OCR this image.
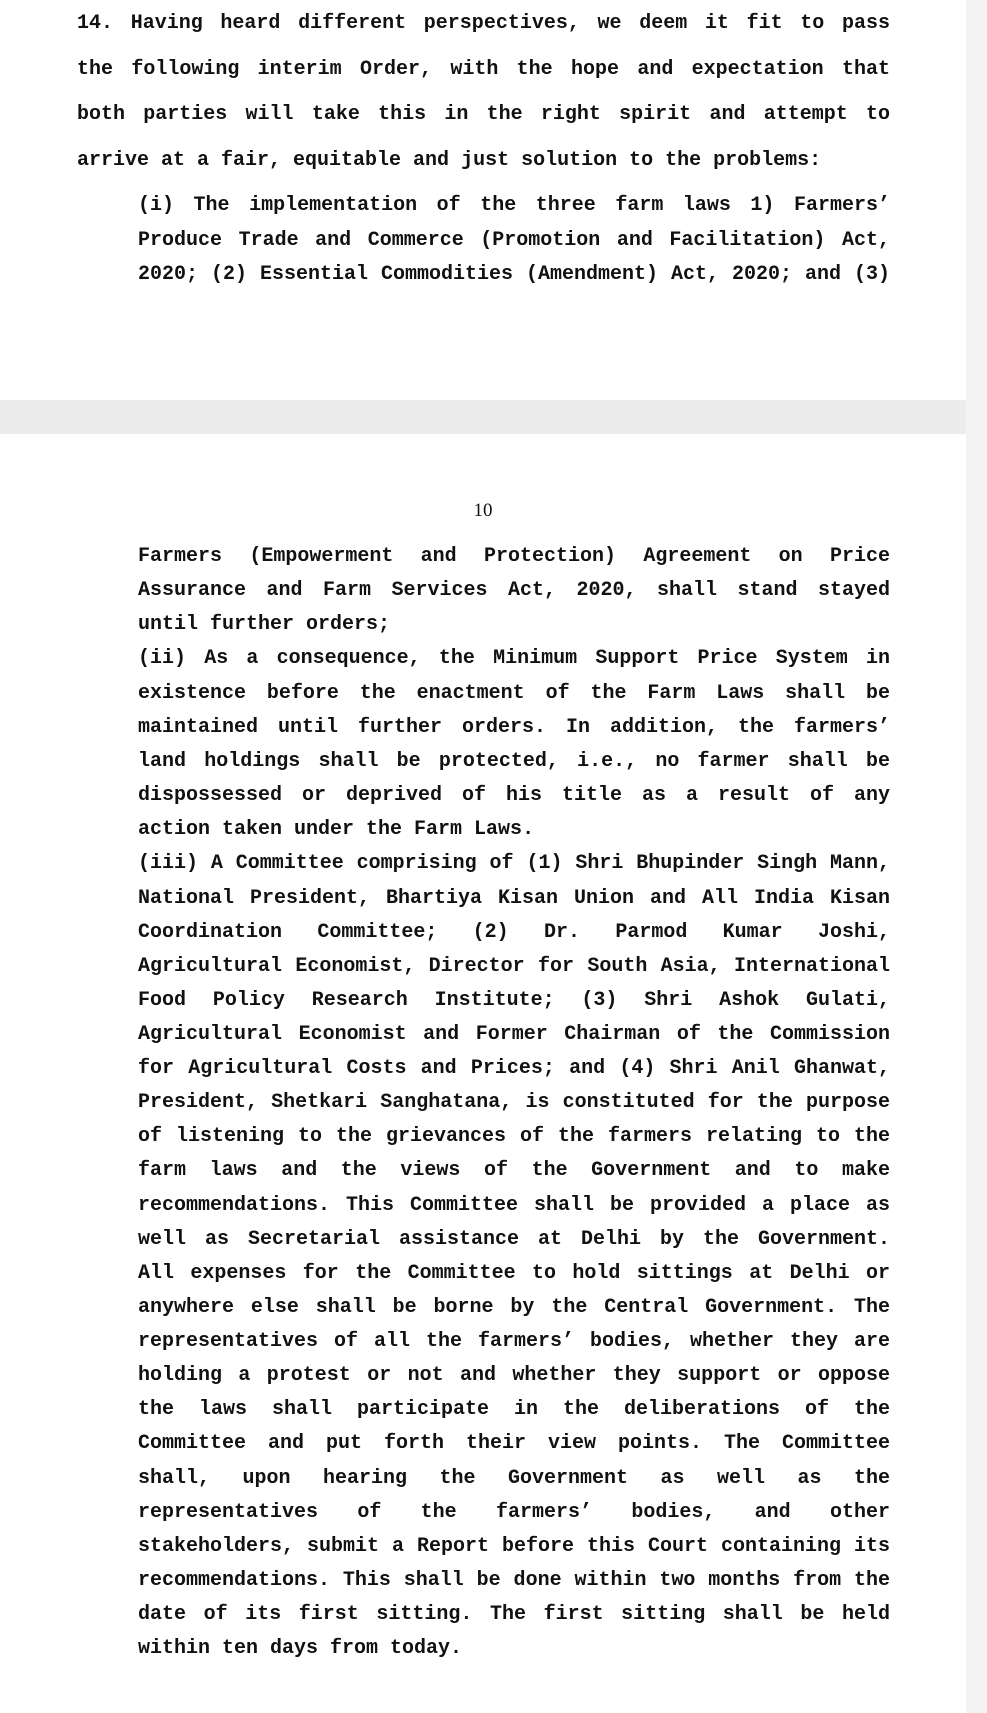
14. Having heard different perspectives, we deem it fit to pass

the following interim Order, with the hope and expectation that

both parties will take this in the right spirit and attempt to

arrive at a fair, equitable and just solution to the problems:

(i) The implementation of the three farm laws 1) Farmers’

Produce Trade and Commerce (Promotion and Facilitation) Act,

2020; (2) Essential Commodities (Amendment) Act, 2020; and (3)

10

Farmers (Empowerment and Protection) Agreement on Price

Assurance and Farm Services Act, 2020, shall stand stayed

until further orders;

(ii) As a consequence, the Minimum Support Price System in

existence before the enactment of the Farm Laws shall be

maintained until further orders. In addition, the farmers’

land holdings shall be protected, i.e., no farmer shall be

dispossessed or deprived of his title as a result of any

action taken under the Farm Laws.

(iii) A Committee comprising of (1) Shri Bhupinder Singh Mann,

National President, Bhartiya Kisan Union and All India Kisan

Coordination Committee; (2) Dr. Parmod Kumar Joshi,

Agricultural Economist, Director for South Asia, International

Food Policy Research Institute; (3) Shri Ashok Gulati,

Agricultural Economist and Former Chairman of the Commission

for Agricultural Costs and Prices; and (4) Shri Anil Ghanwat,

President, Shetkari Sanghatana, is constituted for the purpose

of listening to the grievances of the farmers relating to the

farm laws and the views of the Government and to make

recommendations. This Committee shall be provided a place as

well as Secretarial assistance at Delhi by the Government.

All expenses for the Committee to hold sittings at Delhi or

anywhere else shall be borne by the Central Government. The

representatives of all the farmers’ bodies, whether they are

holding a protest or not and whether they support or oppose

the laws shall participate in the deliberations of the

Committee and put forth their view points. The Committee

shall, upon hearing the Government as well as the

representatives of the farmers’ bodies, and other

stakeholders, submit a Report before this Court containing its

recommendations. This shall be done within two months from the

date of its first sitting. The first sitting shall be held

within ten days from today.
